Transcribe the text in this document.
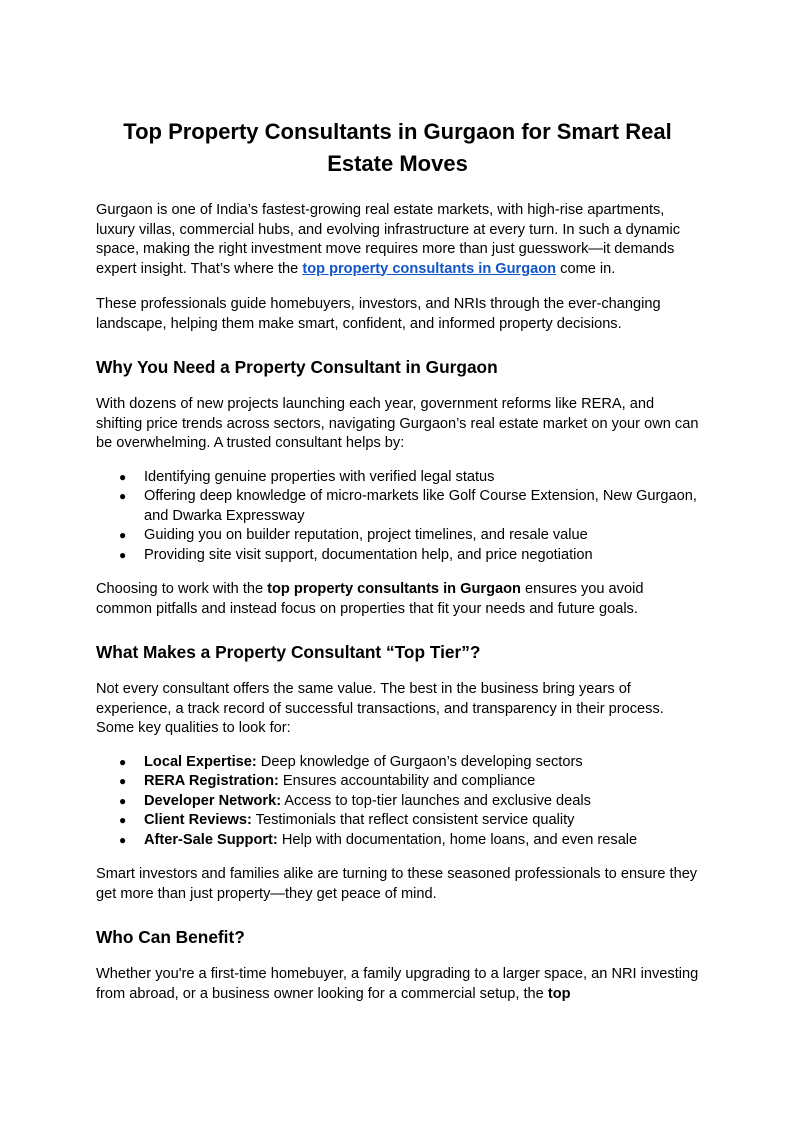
Top Property Consultants in Gurgaon for Smart Real Estate Moves

Gurgaon is one of India’s fastest-growing real estate markets, with high-rise apartments, luxury villas, commercial hubs, and evolving infrastructure at every turn. In such a dynamic space, making the right investment move requires more than just guesswork—it demands expert insight. That’s where the top property consultants in Gurgaon come in.

These professionals guide homebuyers, investors, and NRIs through the ever-changing landscape, helping them make smart, confident, and informed property decisions.

Why You Need a Property Consultant in Gurgaon

With dozens of new projects launching each year, government reforms like RERA, and shifting price trends across sectors, navigating Gurgaon’s real estate market on your own can be overwhelming. A trusted consultant helps by:

● Identifying genuine properties with verified legal status
● Offering deep knowledge of micro-markets like Golf Course Extension, New Gurgaon, and Dwarka Expressway
● Guiding you on builder reputation, project timelines, and resale value
● Providing site visit support, documentation help, and price negotiation

Choosing to work with the top property consultants in Gurgaon ensures you avoid common pitfalls and instead focus on properties that fit your needs and future goals.

What Makes a Property Consultant “Top Tier”?

Not every consultant offers the same value. The best in the business bring years of experience, a track record of successful transactions, and transparency in their process. Some key qualities to look for:

● Local Expertise: Deep knowledge of Gurgaon’s developing sectors
● RERA Registration: Ensures accountability and compliance
● Developer Network: Access to top-tier launches and exclusive deals
● Client Reviews: Testimonials that reflect consistent service quality
● After-Sale Support: Help with documentation, home loans, and even resale

Smart investors and families alike are turning to these seasoned professionals to ensure they get more than just property—they get peace of mind.

Who Can Benefit?

Whether you're a first-time homebuyer, a family upgrading to a larger space, an NRI investing from abroad, or a business owner looking for a commercial setup, the top
